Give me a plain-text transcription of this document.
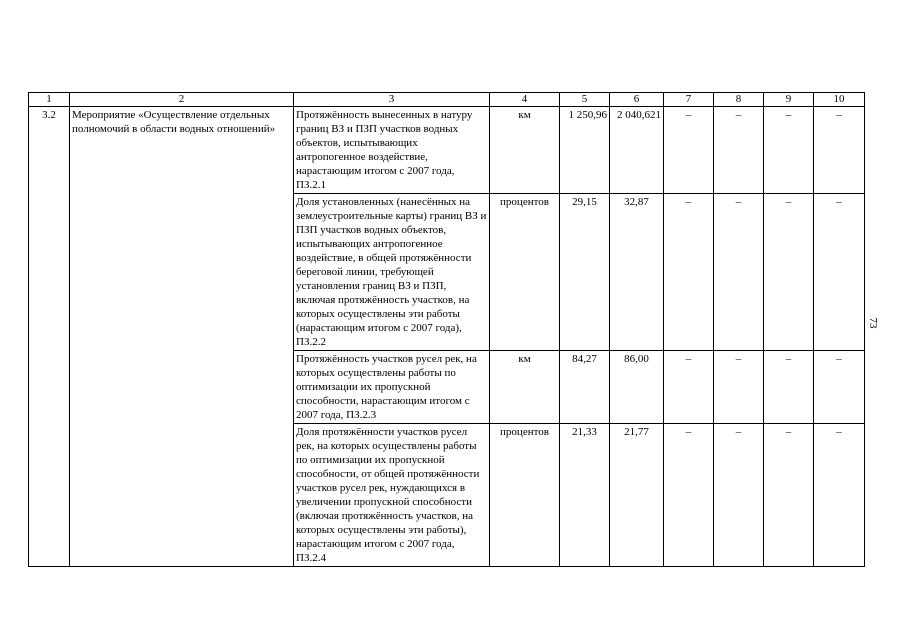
1	2	3	4	5	6	7	8	9	10
3.2	Мероприятие «Осуществление отдельных полномочий в области водных отношений»	Протяжённость вынесенных в натуру границ ВЗ и ПЗП участков водных объектов, испытывающих антропогенное воздействие, нарастающим итогом с 2007 года, ПЗ.2.1	км	1 250,96	2 040,621	–	–	–	–
		Доля установленных (нанесённых на землеустроительные карты) границ ВЗ и ПЗП участков водных объектов, испытывающих антропогенное воздействие, в общей протяжённости береговой линии, требующей установления границ ВЗ и ПЗП, включая протяжённость участков, на которых осуществлены эти работы (нарастающим итогом с 2007 года), ПЗ.2.2	процентов	29,15	32,87	–	–	–	–
		Протяжённость участков русел рек, на которых осуществлены работы по оптимизации их пропускной способности, нарастающим итогом с 2007 года, ПЗ.2.3	км	84,27	86,00	–	–	–	–
		Доля протяжённости участков русел рек, на которых осуществлены работы по оптимизации их пропускной способности, от общей протяжённости участков русел рек, нуждающихся в увеличении пропускной способности (включая протяжённость участков, на которых осуществлены эти работы), нарастающим итогом с 2007 года, ПЗ.2.4	процентов	21,33	21,77	–	–	–	–
73
